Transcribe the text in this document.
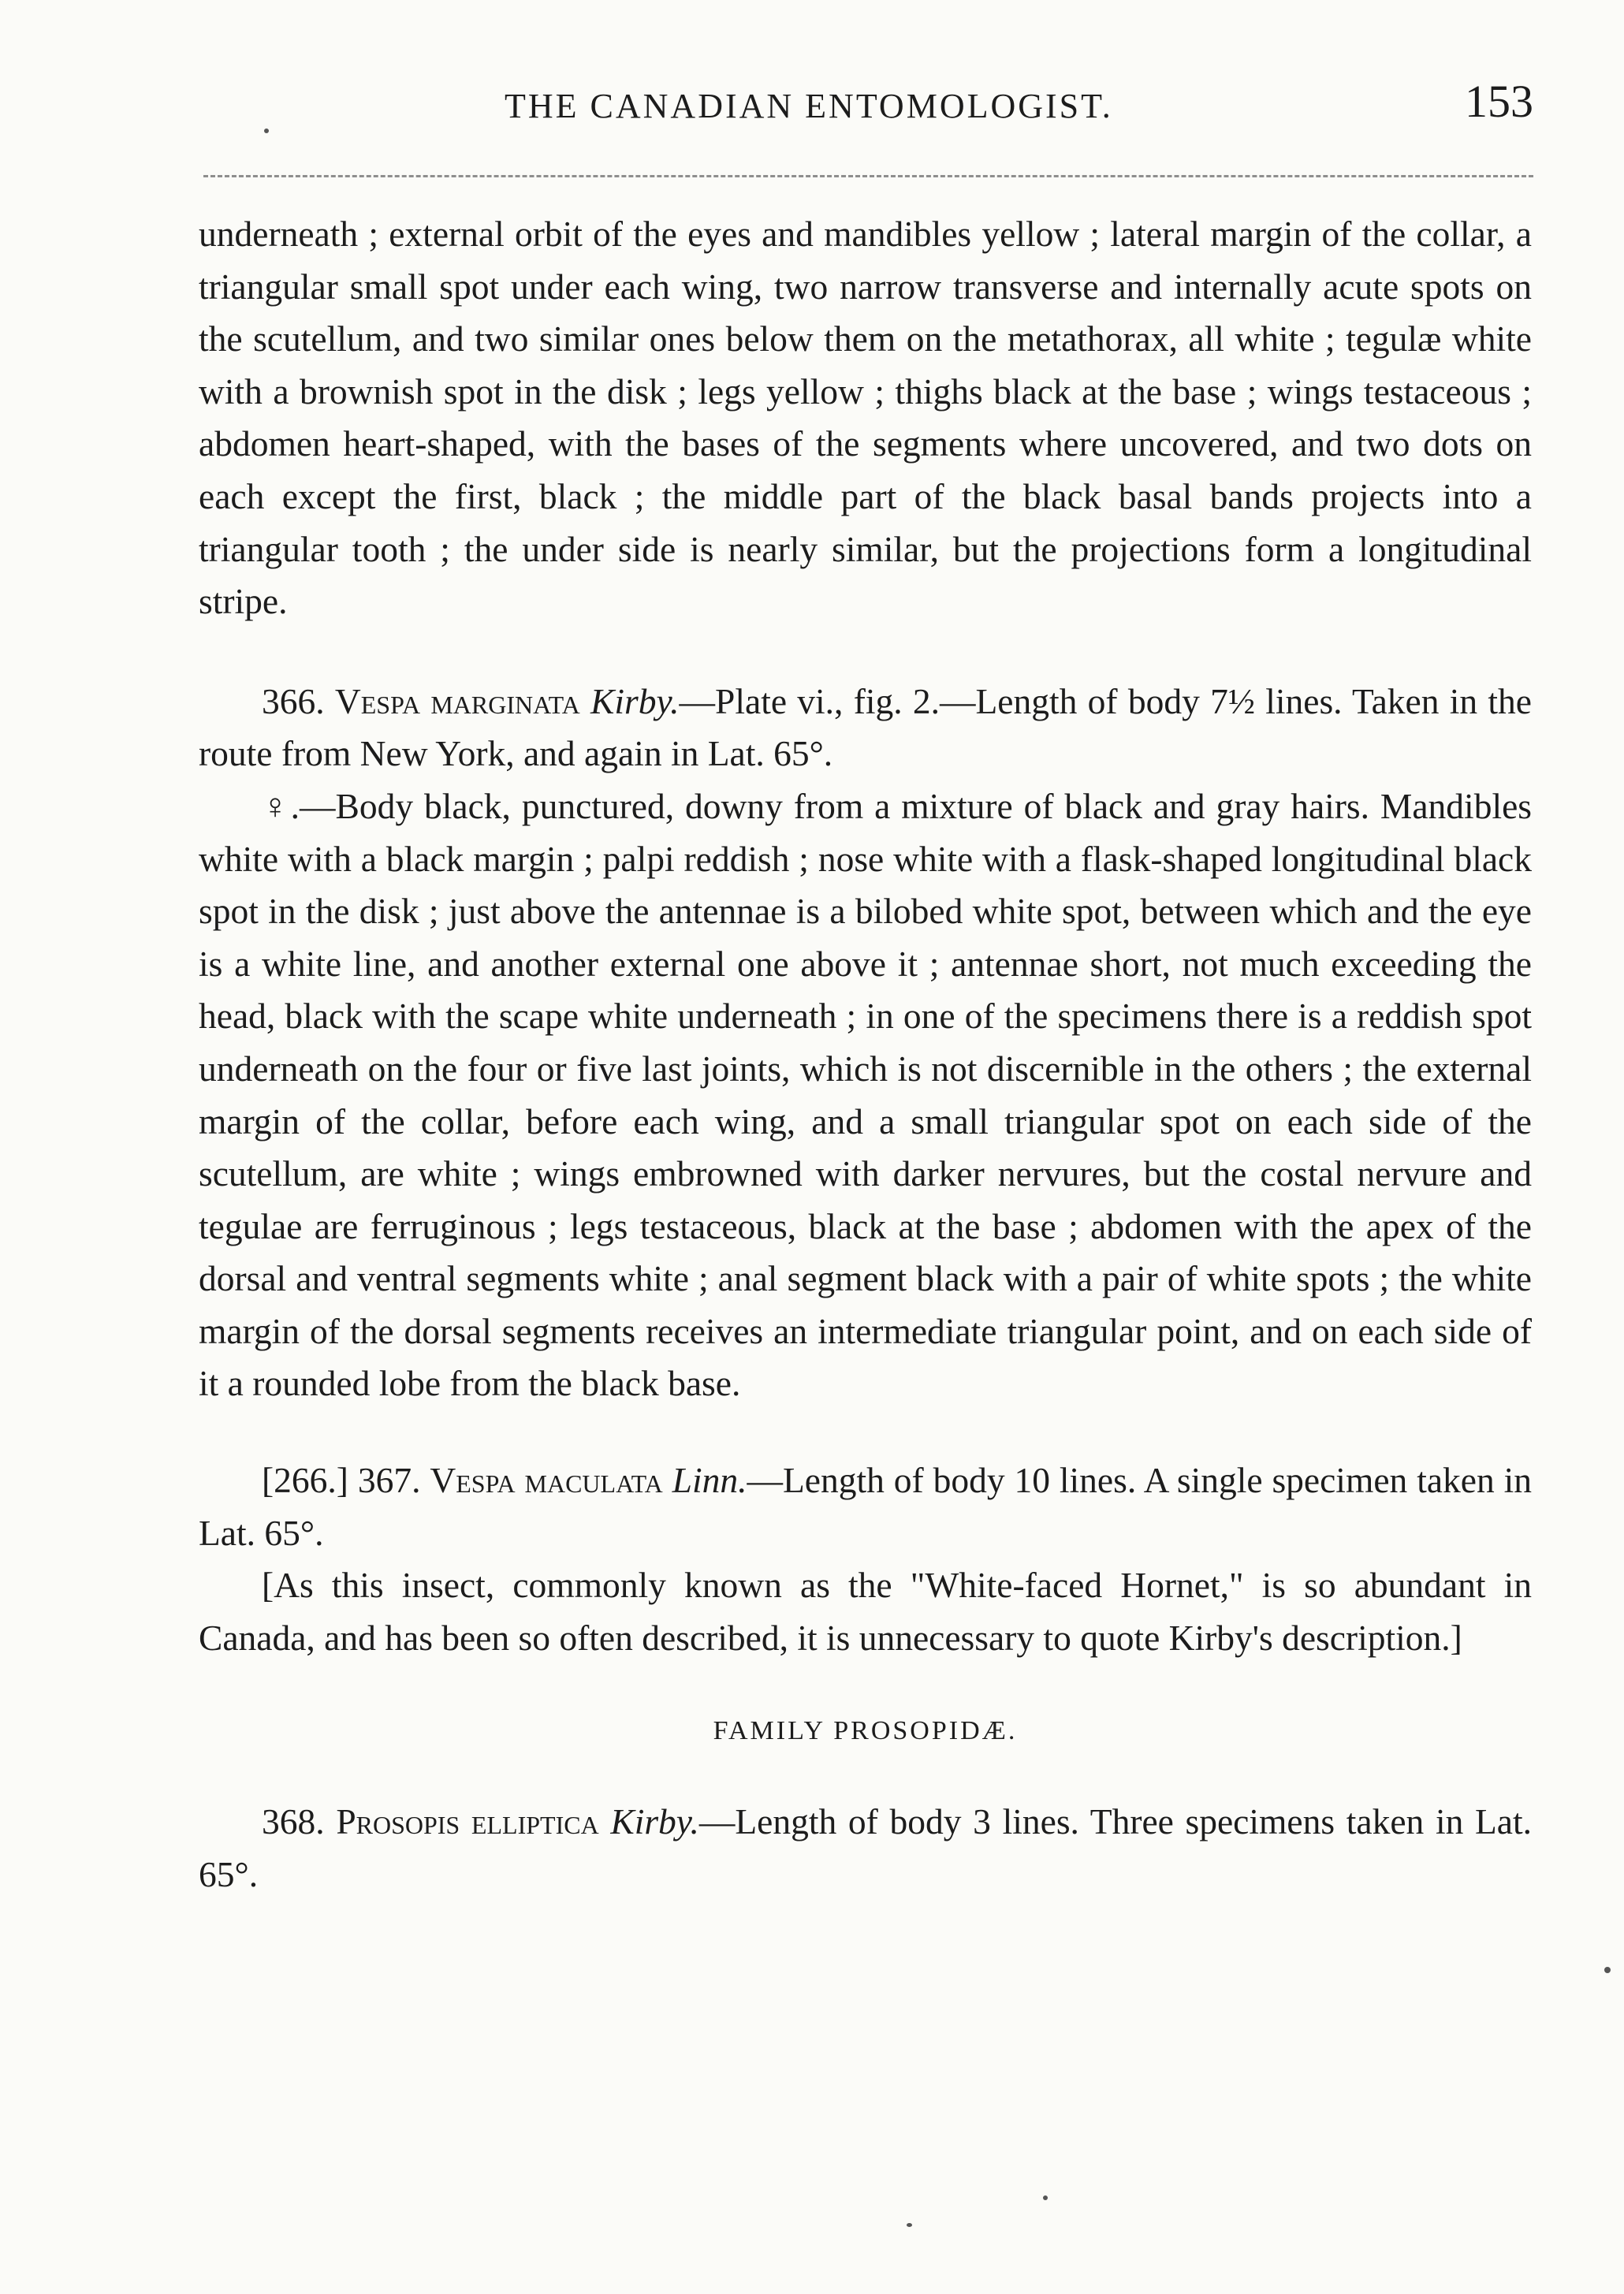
THE CANADIAN ENTOMOLOGIST.	153

underneath ; external orbit of the eyes and mandibles yellow ; lateral margin of the collar, a triangular small spot under each wing, two narrow transverse and internally acute spots on the scutellum, and two similar ones below them on the metathorax, all white ; tegulæ white with a brownish spot in the disk ; legs yellow ; thighs black at the base ; wings testaceous ; abdomen heart-shaped, with the bases of the segments where uncovered, and two dots on each except the first, black ; the middle part of the black basal bands projects into a triangular tooth ; the under side is nearly similar, but the projections form a longitudinal stripe.

366. Vespa marginata Kirby.—Plate vi., fig. 2.—Length of body 7½ lines. Taken in the route from New York, and again in Lat. 65°.

♀.—Body black, punctured, downy from a mixture of black and gray hairs. Mandibles white with a black margin ; palpi reddish ; nose white with a flask-shaped longitudinal black spot in the disk ; just above the antennae is a bilobed white spot, between which and the eye is a white line, and another external one above it ; antennae short, not much exceeding the head, black with the scape white underneath ; in one of the specimens there is a reddish spot underneath on the four or five last joints, which is not discernible in the others ; the external margin of the collar, before each wing, and a small triangular spot on each side of the scutellum, are white ; wings embrowned with darker nervures, but the costal nervure and tegulae are ferruginous ; legs testaceous, black at the base ; abdomen with the apex of the dorsal and ventral segments white ; anal segment black with a pair of white spots ; the white margin of the dorsal segments receives an intermediate triangular point, and on each side of it a rounded lobe from the black base.

[266.] 367. Vespa maculata Linn.—Length of body 10 lines. A single specimen taken in Lat. 65°.

[As this insect, commonly known as the "White-faced Hornet," is so abundant in Canada, and has been so often described, it is unnecessary to quote Kirby's description.]

FAMILY PROSOPIDÆ.

368. Prosopis elliptica Kirby.—Length of body 3 lines. Three specimens taken in Lat. 65°.
